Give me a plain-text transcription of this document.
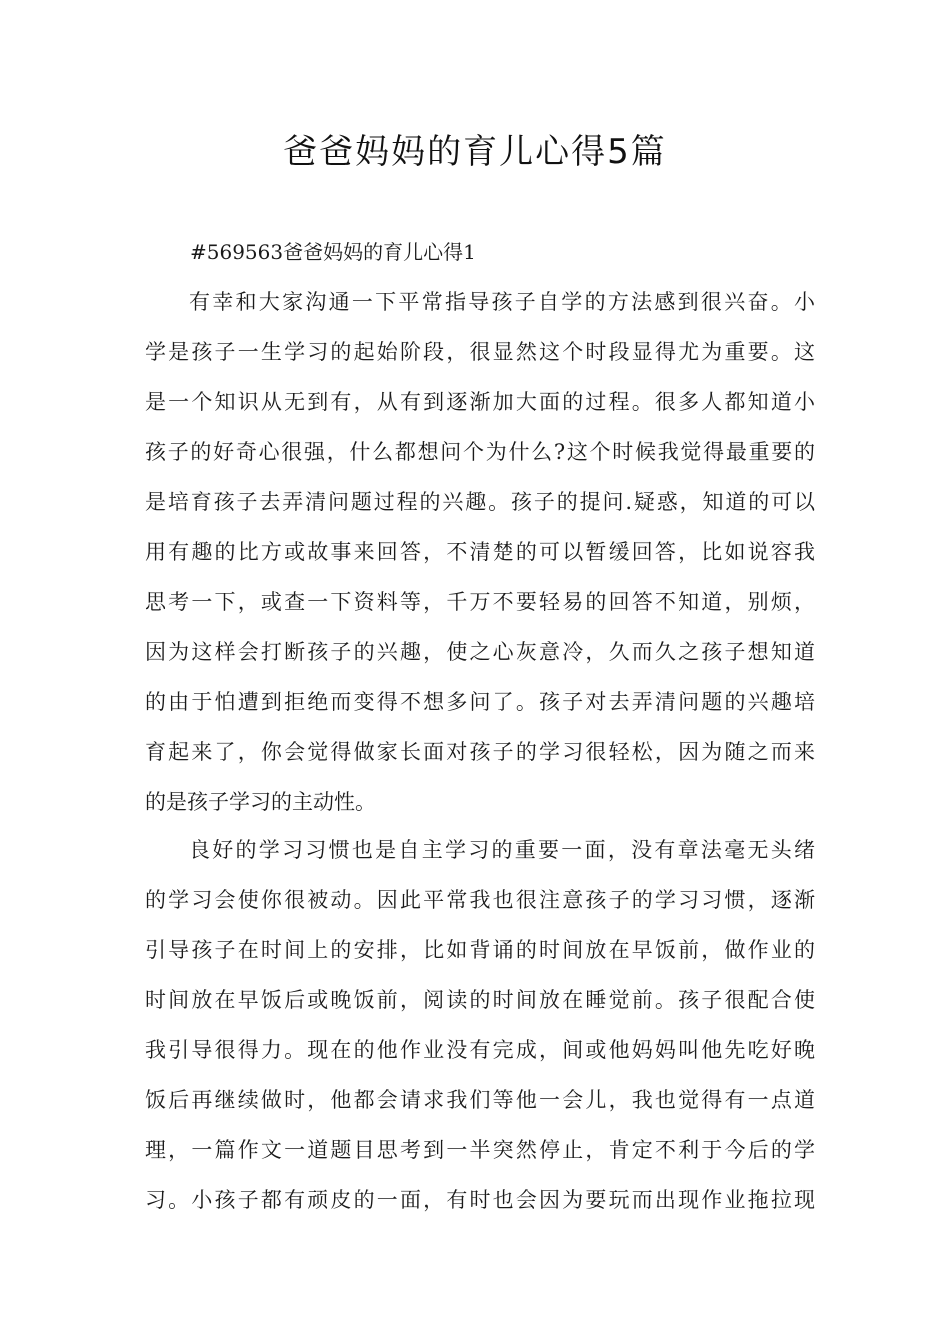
爸爸妈妈的育儿心得5篇
#569563爸爸妈妈的育儿心得1
有幸和大家沟通一下平常指导孩子自学的方法感到很兴奋。小
学是孩子一生学习的起始阶段，很显然这个时段显得尤为重要。这
是一个知识从无到有，从有到逐渐加大面的过程。很多人都知道小
孩子的好奇心很强，什么都想问个为什么?这个时候我觉得最重要的
是培育孩子去弄清问题过程的兴趣。孩子的提问.疑惑，知道的可以
用有趣的比方或故事来回答，不清楚的可以暂缓回答，比如说容我
思考一下，或查一下资料等，千万不要轻易的回答不知道，别烦，
因为这样会打断孩子的兴趣，使之心灰意冷，久而久之孩子想知道
的由于怕遭到拒绝而变得不想多问了。孩子对去弄清问题的兴趣培
育起来了，你会觉得做家长面对孩子的学习很轻松，因为随之而来
的是孩子学习的主动性。
良好的学习习惯也是自主学习的重要一面，没有章法毫无头绪
的学习会使你很被动。因此平常我也很注意孩子的学习习惯，逐渐
引导孩子在时间上的安排，比如背诵的时间放在早饭前，做作业的
时间放在早饭后或晚饭前，阅读的时间放在睡觉前。孩子很配合使
我引导很得力。现在的他作业没有完成，间或他妈妈叫他先吃好晚
饭后再继续做时，他都会请求我们等他一会儿，我也觉得有一点道
理，一篇作文一道题目思考到一半突然停止，肯定不利于今后的学
习。小孩子都有顽皮的一面，有时也会因为要玩而出现作业拖拉现
